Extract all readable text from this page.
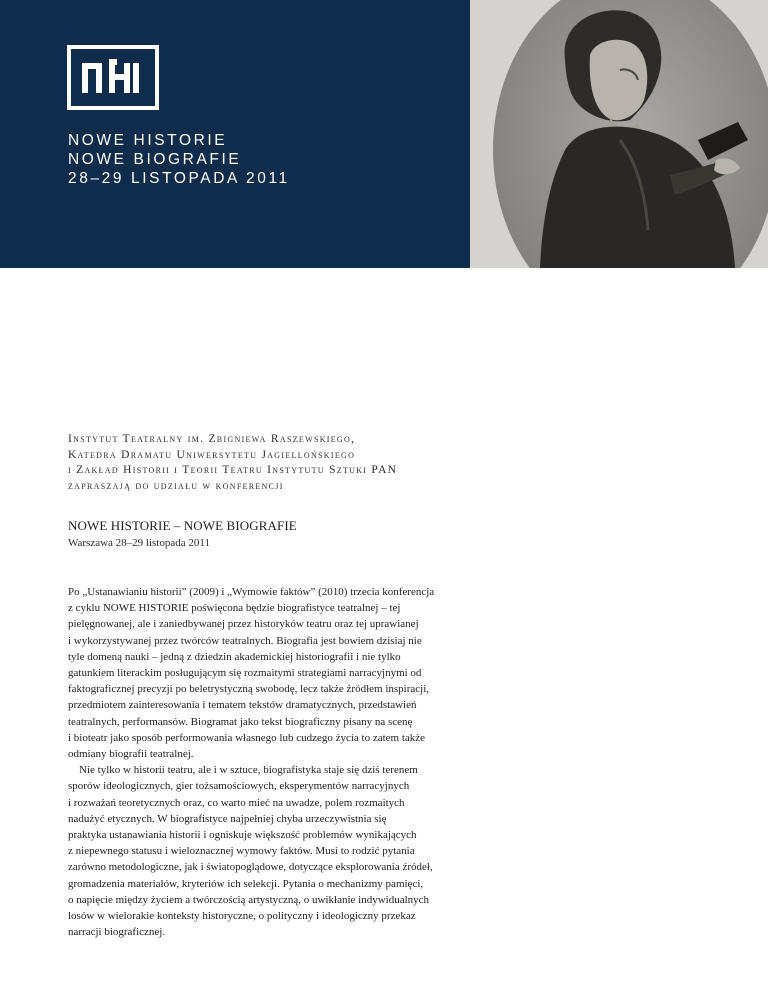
NOWE HISTORIE
NOWE BIOGRAFIE
28–29 LISTOPADA 2011

Instytut Teatralny im. Zbigniewa Raszewskiego,
Katedra Dramatu Uniwersytetu Jagiellońskiego
i Zakład Historii i Teorii Teatru Instytutu Sztuki PAN
zapraszają do udziału w konferencji

NOWE HISTORIE – NOWE BIOGRAFIE

Warszawa 28–29 listopada 2011

Po „Ustanawianiu historii” (2009) i „Wymowie faktów” (2010) trzecia konferencja
z cyklu NOWE HISTORIE poświęcona będzie biografistyce teatralnej – tej
pielęgnowanej, ale i zaniedbywanej przez historyków teatru oraz tej uprawianej
i wykorzystywanej przez twórców teatralnych. Biografia jest bowiem dzisiaj nie
tyle domeną nauki – jedną z dziedzin akademickiej historiografii i nie tylko
gatunkiem literackim posługującym się rozmaitymi strategiami narracyjnymi od
faktograficznej precyzji po beletrystyczną swobodę, lecz także źródłem inspiracji,
przedmiotem zainteresowania i tematem tekstów dramatycznych, przedstawień
teatralnych, performansów. Biogramat jako tekst biograficzny pisany na scenę
i bioteatr jako sposób performowania własnego lub cudzego życia to zatem także
odmiany biografii teatralnej.
Nie tylko w historii teatru, ale i w sztuce, biografistyka staje się dziś terenem
sporów ideologicznych, gier tożsamościowych, eksperymentów narracyjnych
i rozważań teoretycznych oraz, co warto mieć na uwadze, polem rozmaitych
nadużyć etycznych. W biografistyce najpełniej chyba urzeczywistnia się
praktyka ustanawiania historii i ogniskuje większość problemów wynikających
z niepewnego statusu i wieloznacznej wymowy faktów. Musi to rodzić pytania
zarówno metodologiczne, jak i światopoglądowe, dotyczące eksplorowania źródeł,
gromadzenia materiałów, kryteriów ich selekcji. Pytania o mechanizmy pamięci,
o napięcie między życiem a twórczością artystyczną, o uwikłanie indywidualnych
losów w wielorakie konteksty historyczne, o polityczny i ideologiczny przekaz
narracji biograficznej.
